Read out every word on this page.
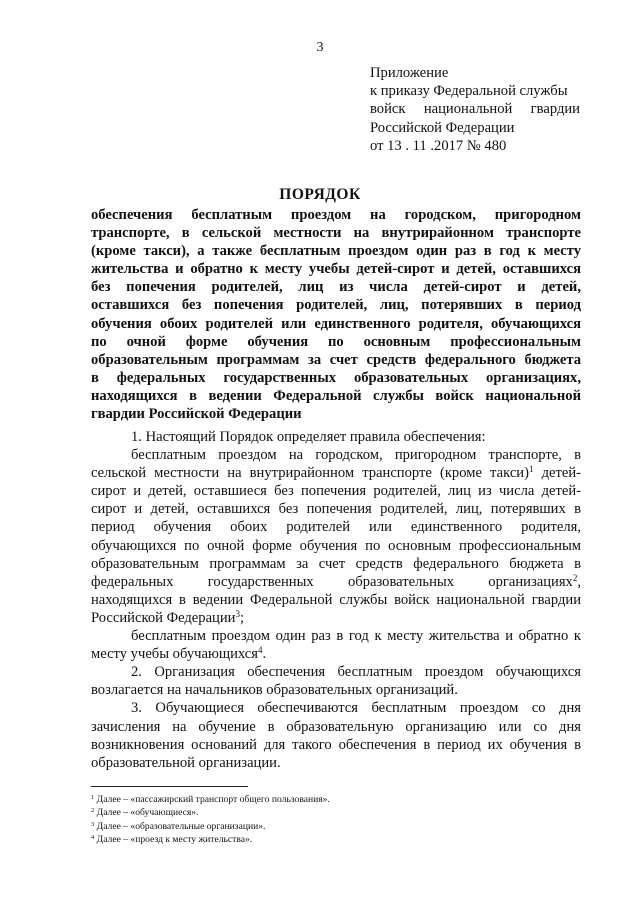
3
Приложение
к приказу Федеральной службы
войск национальной гвардии
Российской Федерации
от 13 . 11 .2017 № 480
ПОРЯДОК
обеспечения бесплатным проездом на городском, пригородном
транспорте, в сельской местности на внутрирайонном транспорте
(кроме такси), а также бесплатным проездом один раз в год к месту
жительства и обратно к месту учебы детей-сирот и детей, оставшихся
без попечения родителей, лиц из числа детей-сирот и детей,
оставшихся без попечения родителей, лиц, потерявших в период
обучения обоих родителей или единственного родителя, обучающихся
по очной форме обучения по основным профессиональным
образовательным программам за счет средств федерального бюджета
в федеральных государственных образовательных организациях,
находящихся в ведении Федеральной службы войск национальной
гвардии Российской Федерации
1. Настоящий Порядок определяет правила обеспечения:
бесплатным проездом на городском, пригородном транспорте, в
сельской местности на внутрирайонном транспорте (кроме такси)$^1$ детей-
сирот и детей, оставшиеся без попечения родителей, лиц из числа детей-
сирот и детей, оставшихся без попечения родителей, лиц, потерявших в
период обучения обоих родителей или единственного родителя,
обучающихся по очной форме обучения по основным профессиональным
образовательным программам за счет средств федерального бюджета в
федеральных государственных образовательных организациях$^2$,
находящихся в ведении Федеральной службы войск национальной гвардии
Российской Федерации$^3$;
бесплатным проездом один раз в год к месту жительства и обратно к
месту учебы обучающихся$^4$.
2. Организация обеспечения бесплатным проездом обучающихся
возлагается на начальников образовательных организаций.
3. Обучающиеся обеспечиваются бесплатным проездом со дня
зачисления на обучение в образовательную организацию или со дня
возникновения оснований для такого обеспечения в период их обучения в
образовательной организации.
$^1$ Далее – «пассажирский транспорт общего пользования».
$^2$ Далее – «обучающиеся».
$^3$ Далее – «образовательные организации».
$^4$ Далее – «проезд к месту жительства».
